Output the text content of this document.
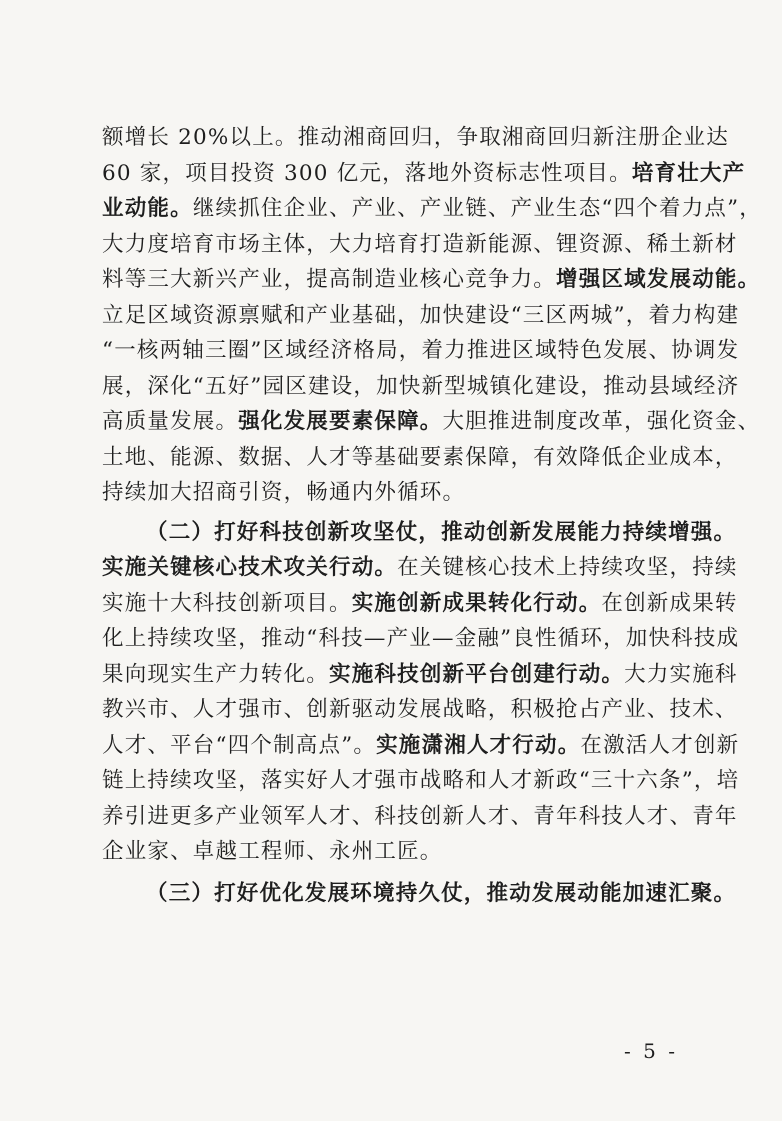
额增长 20%以上。推动湘商回归，争取湘商回归新注册企业达

60 家，项目投资 300 亿元，落地外资标志性项目。培育壮大产

业动能。继续抓住企业、产业、产业链、产业生态“四个着力点”，

大力度培育市场主体，大力培育打造新能源、锂资源、稀土新材

料等三大新兴产业，提高制造业核心竞争力。增强区域发展动能。

立足区域资源禀赋和产业基础，加快建设“三区两城”，着力构建

“一核两轴三圈”区域经济格局，着力推进区域特色发展、协调发

展，深化“五好”园区建设，加快新型城镇化建设，推动县域经济

高质量发展。强化发展要素保障。大胆推进制度改革，强化资金、

土地、能源、数据、人才等基础要素保障，有效降低企业成本，

持续加大招商引资，畅通内外循环。

（二）打好科技创新攻坚仗，推动创新发展能力持续增强。

实施关键核心技术攻关行动。在关键核心技术上持续攻坚，持续

实施十大科技创新项目。实施创新成果转化行动。在创新成果转

化上持续攻坚，推动“科技—产业—金融”良性循环，加快科技成

果向现实生产力转化。实施科技创新平台创建行动。大力实施科

教兴市、人才强市、创新驱动发展战略，积极抢占产业、技术、

人才、平台“四个制高点”。实施潇湘人才行动。在激活人才创新

链上持续攻坚，落实好人才强市战略和人才新政“三十六条”，培

养引进更多产业领军人才、科技创新人才、青年科技人才、青年

企业家、卓越工程师、永州工匠。

（三）打好优化发展环境持久仗，推动发展动能加速汇聚。

- 5 -
